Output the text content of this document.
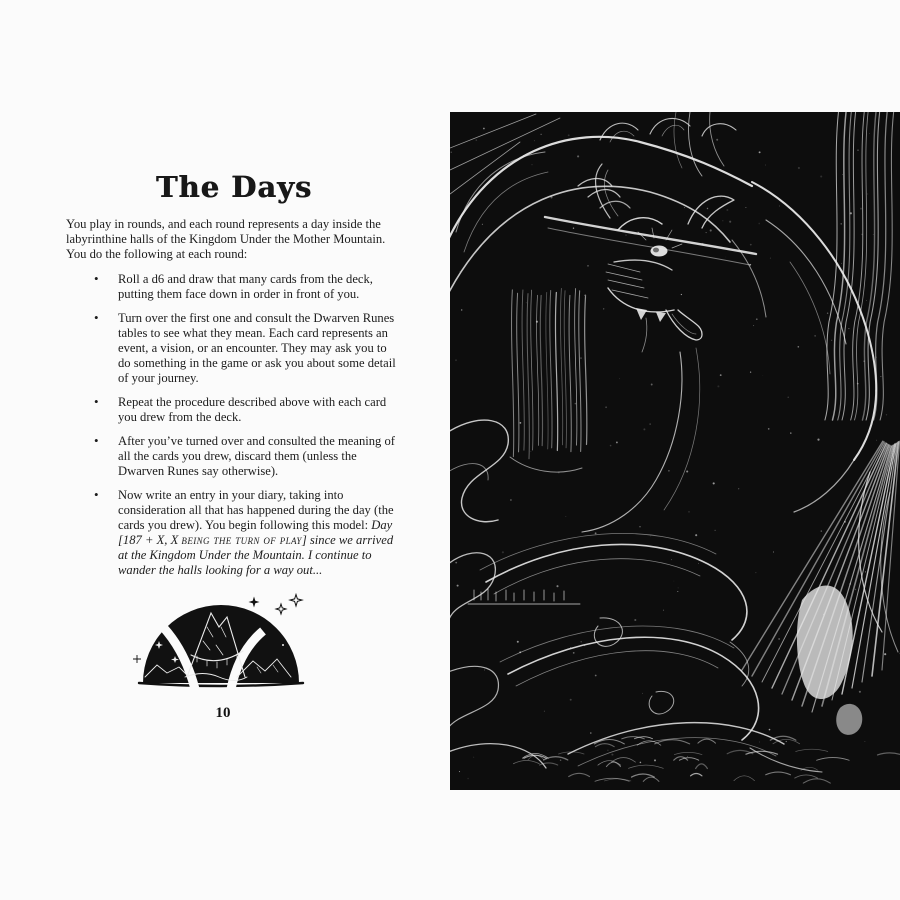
The Days

You play in rounds, and each round represents a day inside the labyrinthine halls of the Kingdom Under the Mother Mountain. You do the following at each round:

• Roll a d6 and draw that many cards from the deck, putting them face down in order in front of you.
• Turn over the first one and consult the Dwarven Runes tables to see what they mean. Each card represents an event, a vision, or an encounter. They may ask you to do something in the game or ask you about some detail of your journey.
• Repeat the procedure described above with each card you drew from the deck.
• After you’ve turned over and consulted the meaning of all the cards you drew, discard them (unless the Dwarven Runes say otherwise).
• Now write an entry in your diary, taking into consideration all that has happened during the day (the cards you drew). You begin following this model: Day [187 + X, X being the turn of play] since we arrived at the Kingdom Under the Mountain. I continue to wander the halls looking for a way out...
10
